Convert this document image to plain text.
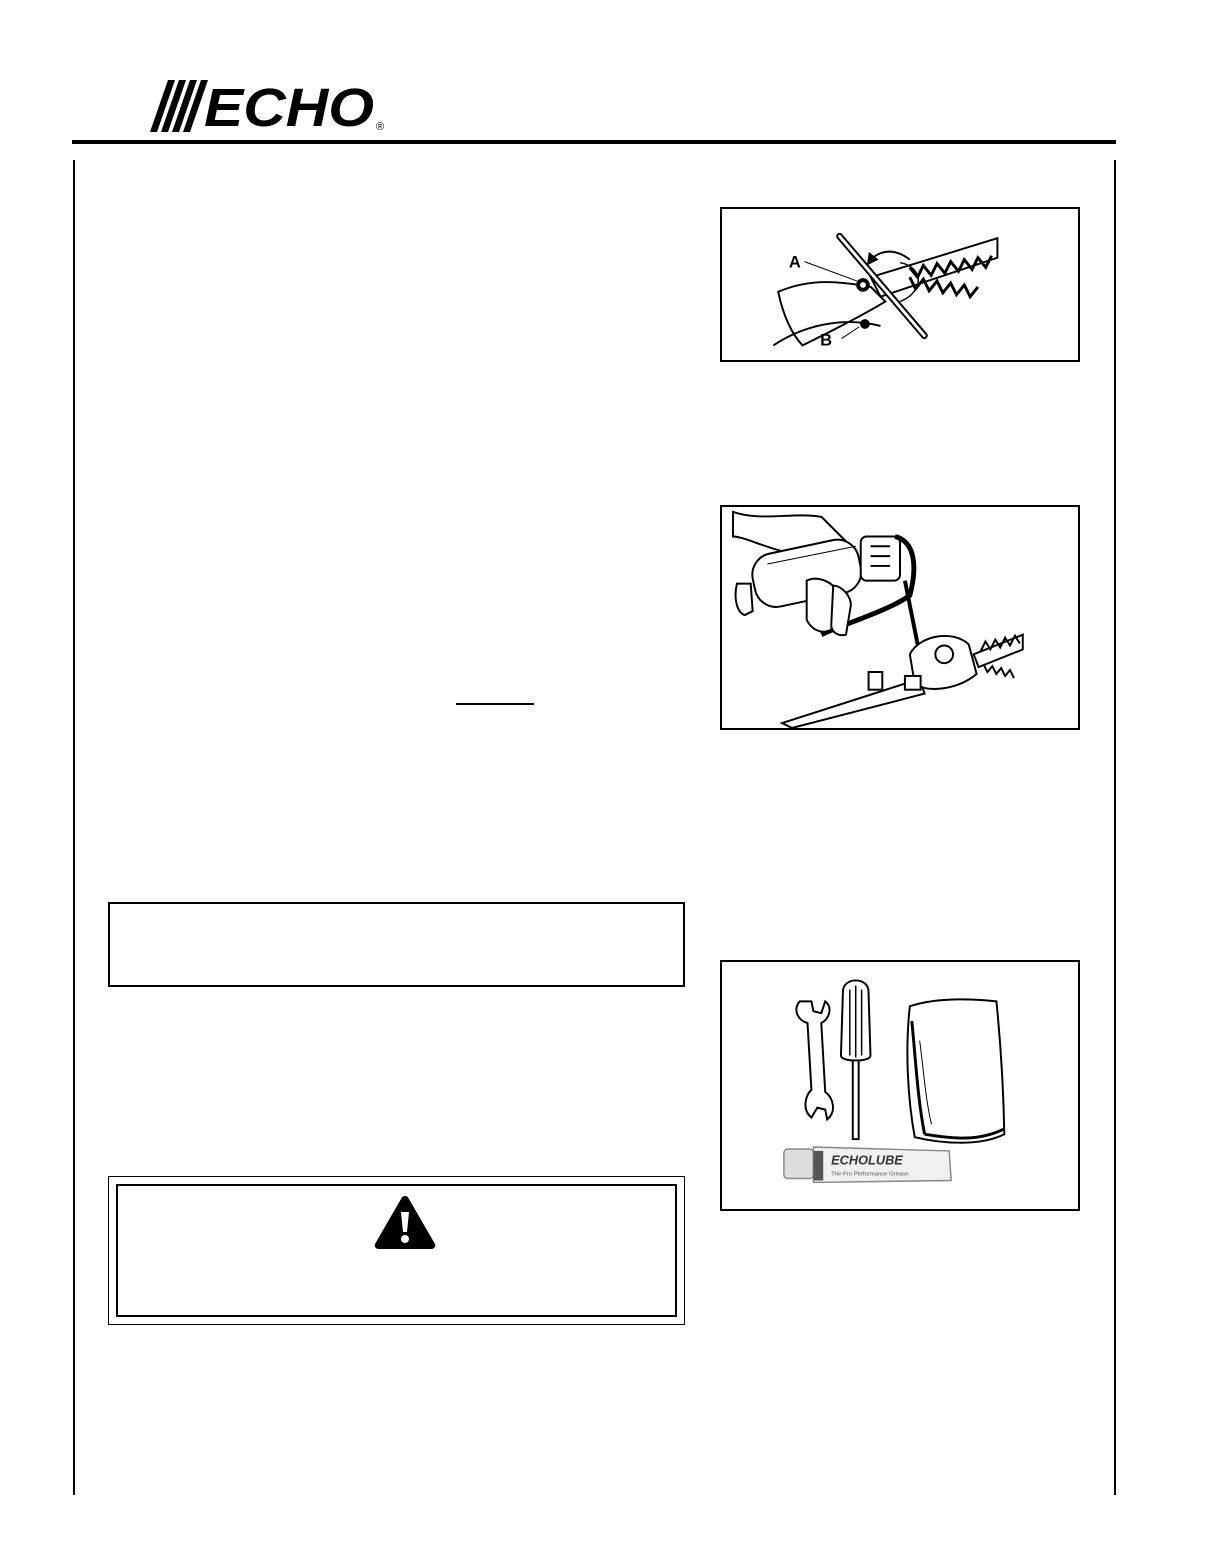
ECHO ®
A
B
ECHOLUBE
The Pro Performance Grease
